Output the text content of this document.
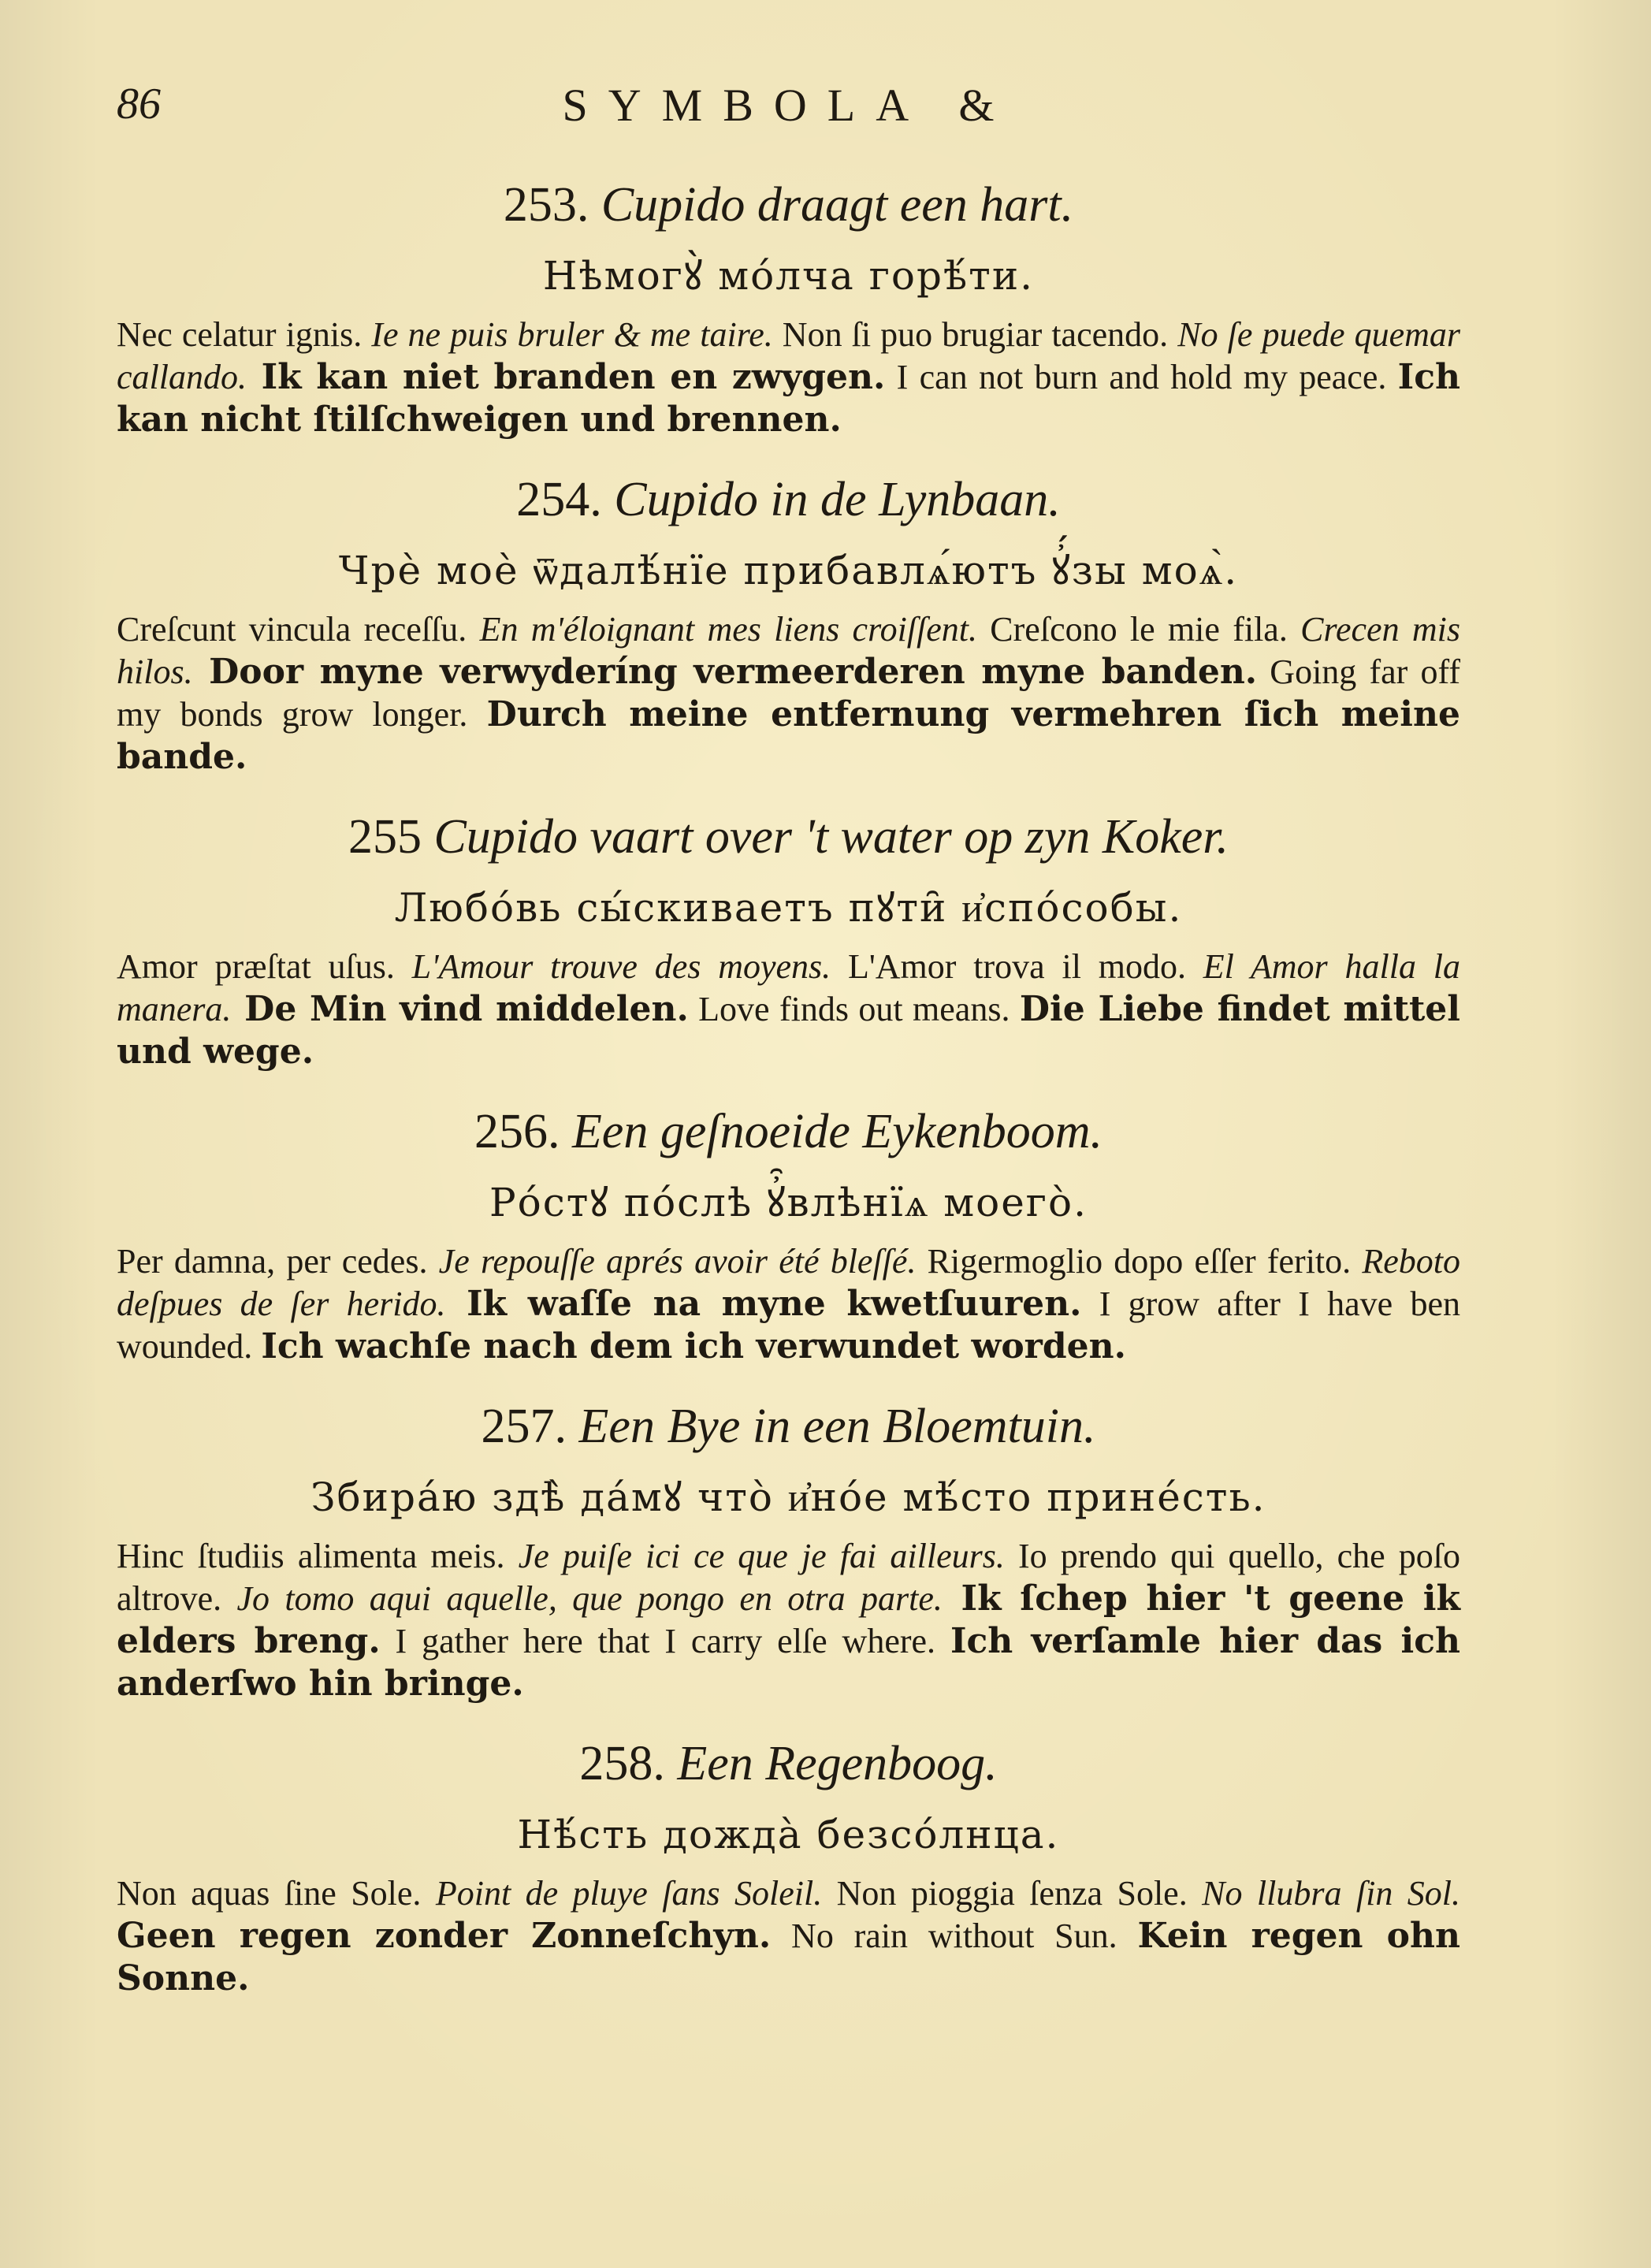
86	SYMBOLA &
253. Cupido draagt een hart.
Нѣмогꙋ̀ мо́лча горѣ́ти.
Nec celatur ignis. Ie ne puis bruler & me taire. Non ſi puo brugiar tacendo. No ſe puede quemar callando. Ik kan niet branden en zwygen. I can not burn and hold my peace. Ich kan nicht ſtilſchweigen und brennen.
254. Cupido in de Lynbaan.
Чрѐ моѐ ѿдалѣ́нїе прибавлѧ́ютъ ꙋ҆́зы моѧ̀.
Creſcunt vincula receſſu. En m'éloignant mes liens croiſſent. Creſcono le mie fila. Crecen mis hilos. Door myne verwyderíng vermeerderen myne banden. Going far off my bonds grow longer. Durch meine entfernung vermehren ſich meine bande.
255 Cupido vaart over 't water op zyn Koker.
Любо́вь сы́скиваетъ пꙋти̑ и҆спо́собы.
Amor præſtat uſus. L'Amour trouve des moyens. L'Amor trova il modo. El Amor halla la manera. De Min vind middelen. Love finds out means. Die Liebe findet mittel und wege.
256. Een geſnoeide Eykenboom.
Ро́стꙋ по́слѣ ꙋ҆̑влѣнїѧ моего̀.
Per damna, per cedes. Je repouſſe aprés avoir été bleſſé. Rigermoglio dopo eſſer ferito. Reboto deſpues de ſer herido. Ik waſſe na myne kwetſuuren. I grow after I have ben wounded. Ich wachſe nach dem ich verwundet worden.
257. Een Bye in een Bloemtuin.
Збира́ю здѣ̀ да́мꙋ что̀ и҆но́е мѣ́сто прине́сть.
Hinc ſtudiis alimenta meis. Je puiſe ici ce que je fai ailleurs. Io prendo qui quello, che poſo altrove. Jo tomo aqui aquelle, que pongo en otra parte. Ik ſchep hier 't geene ik elders breng. I gather here that I carry elſe where. Ich verſamle hier das ich anderſwo hin bringe.
258. Een Regenboog.
Нѣ́сть дожда̀ безсо́лнца.
Non aquas ſine Sole. Point de pluye ſans Soleil. Non pioggia ſenza Sole. No llubra ſin Sol. Geen regen zonder Zonneſchyn. No rain without Sun. Kein regen ohn Sonne.
